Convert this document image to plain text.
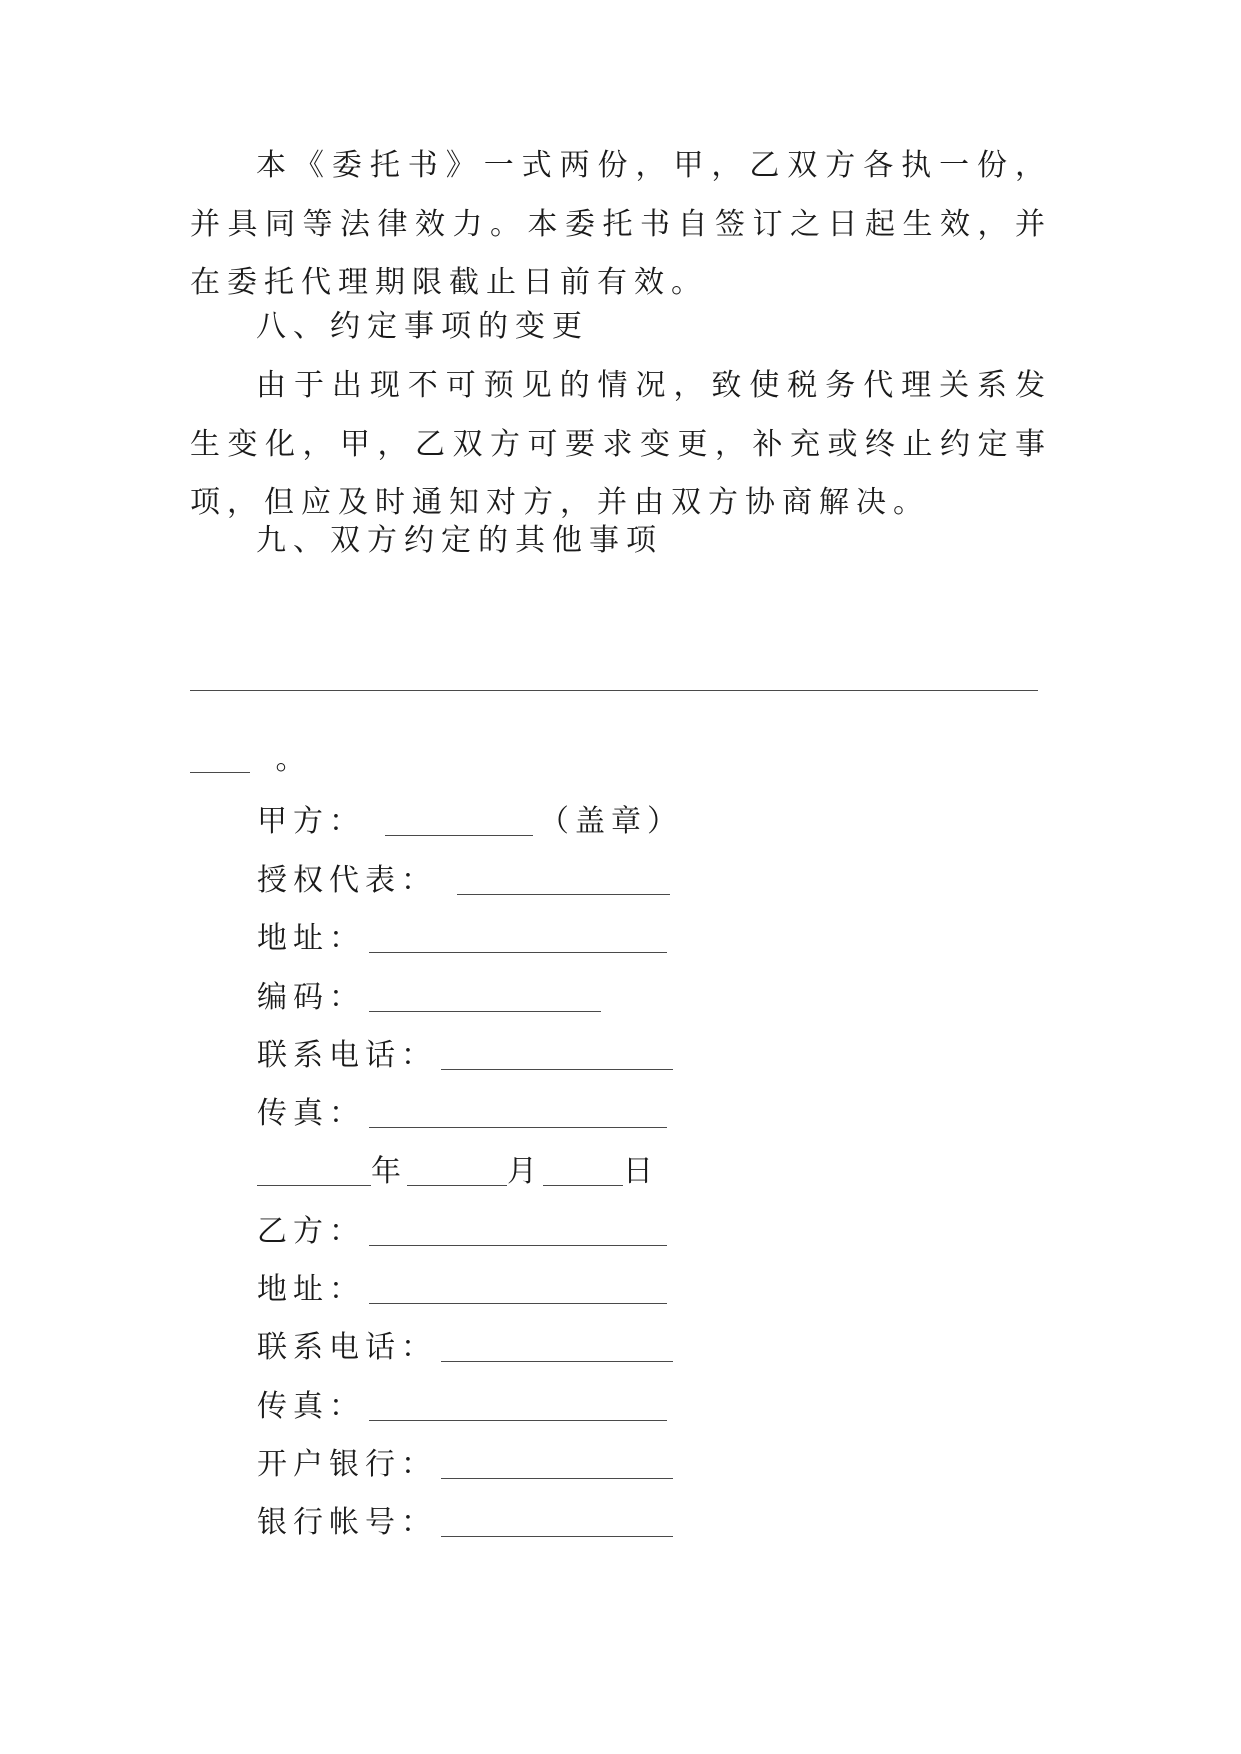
本《委托书》一式两份，甲，乙双方各执一份，并具同等法律效力。本委托书自签订之日起生效，并在委托代理期限截止日前有效。

八、约定事项的变更

由于出现不可预见的情况，致使税务代理关系发生变化，甲，乙双方可要求变更，补充或终止约定事项，但应及时通知对方，并由双方协商解决。

九、双方约定的其他事项

。
甲方：	（盖章）
授权代表：
地址：
编码：
联系电话：
传真：
年	月	日
乙方：
地址：
联系电话：
传真：
开户银行：
银行帐号：
